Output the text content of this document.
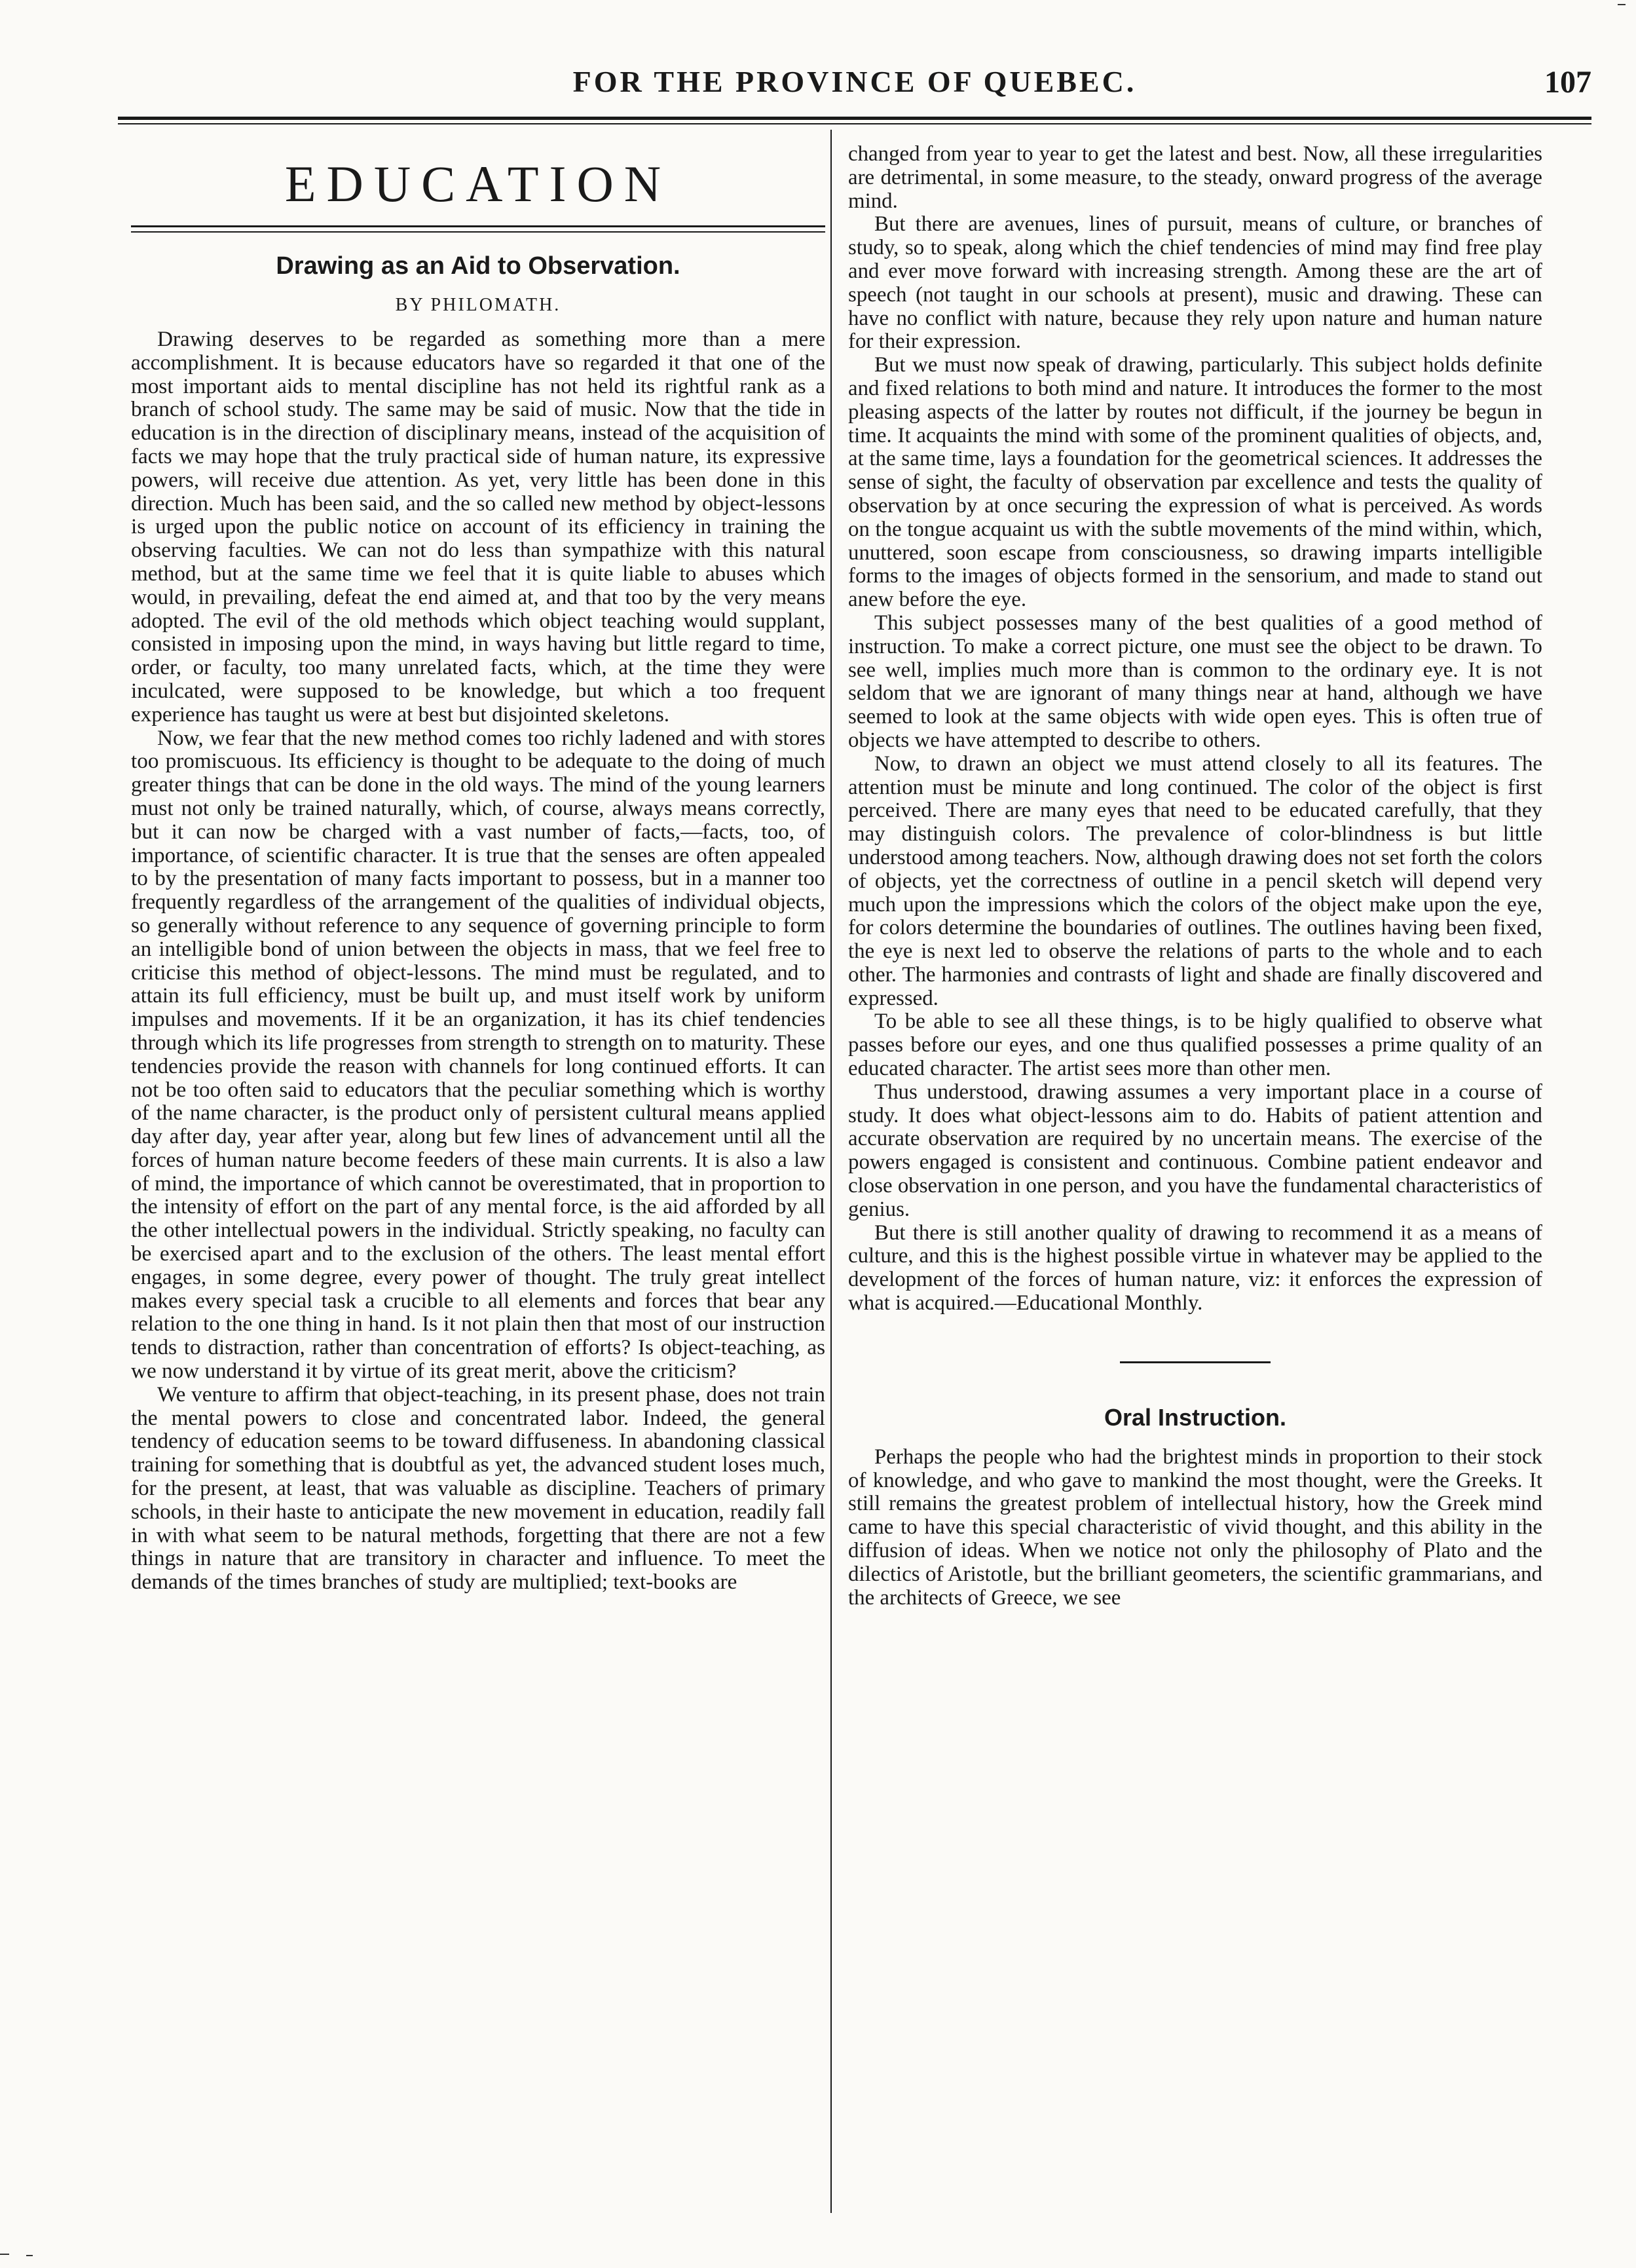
FOR THE PROVINCE OF QUEBEC.	107
EDUCATION
Drawing as an Aid to Observation.
BY PHILOMATH.

Drawing deserves to be regarded as something more than a mere accomplishment. It is because educators have so regarded it that one of the most important aids to mental discipline has not held its rightful rank as a branch of school study. The same may be said of music. Now that the tide in education is in the direction of disciplinary means, instead of the acquisition of facts we may hope that the truly practical side of human nature, its expressive powers, will receive due attention. As yet, very little has been done in this direction. Much has been said, and the so called new method by object-lessons is urged upon the public notice on account of its efficiency in training the observing faculties. We can not do less than sympathize with this natural method, but at the same time we feel that it is quite liable to abuses which would, in prevailing, defeat the end aimed at, and that too by the very means adopted. The evil of the old methods which object teaching would supplant, consisted in imposing upon the mind, in ways having but little regard to time, order, or faculty, too many unrelated facts, which, at the time they were inculcated, were supposed to be knowledge, but which a too frequent experience has taught us were at best but disjointed skeletons.

Now, we fear that the new method comes too richly ladened and with stores too promiscuous. Its efficiency is thought to be adequate to the doing of much greater things that can be done in the old ways. The mind of the young learners must not only be trained naturally, which, of course, always means correctly, but it can now be charged with a vast number of facts,—facts, too, of importance, of scientific character. It is true that the senses are often appealed to by the presentation of many facts important to possess, but in a manner too frequently regardless of the arrangement of the qualities of individual objects, so generally without reference to any sequence of governing principle to form an intelligible bond of union between the objects in mass, that we feel free to criticise this method of object-lessons. The mind must be regulated, and to attain its full efficiency, must be built up, and must itself work by uniform impulses and movements. If it be an organization, it has its chief tendencies through which its life progresses from strength to strength on to maturity. These tendencies provide the reason with channels for long continued efforts. It can not be too often said to educators that the peculiar something which is worthy of the name character, is the product only of persistent cultural means applied day after day, year after year, along but few lines of advancement until all the forces of human nature become feeders of these main currents. It is also a law of mind, the importance of which cannot be overestimated, that in proportion to the intensity of effort on the part of any mental force, is the aid afforded by all the other intellectual powers in the individual. Strictly speaking, no faculty can be exercised apart and to the exclusion of the others. The least mental effort engages, in some degree, every power of thought. The truly great intellect makes every special task a crucible to all elements and forces that bear any relation to the one thing in hand. Is it not plain then that most of our instruction tends to distraction, rather than concentration of efforts? Is object-teaching, as we now understand it by virtue of its great merit, above the criticism?

We venture to affirm that object-teaching, in its present phase, does not train the mental powers to close and concentrated labor. Indeed, the general tendency of education seems to be toward diffuseness. In abandoning classical training for something that is doubtful as yet, the advanced student loses much, for the present, at least, that was valuable as discipline. Teachers of primary schools, in their haste to anticipate the new movement in education, readily fall in with what seem to be natural methods, forgetting that there are not a few things in nature that are transitory in character and influence. To meet the demands of the times branches of study are multiplied; text-books are

changed from year to year to get the latest and best. Now, all these irregularities are detrimental, in some measure, to the steady, onward progress of the average mind.

But there are avenues, lines of pursuit, means of culture, or branches of study, so to speak, along which the chief tendencies of mind may find free play and ever move forward with increasing strength. Among these are the art of speech (not taught in our schools at present), music and drawing. These can have no conflict with nature, because they rely upon nature and human nature for their expression.

But we must now speak of drawing, particularly. This subject holds definite and fixed relations to both mind and nature. It introduces the former to the most pleasing aspects of the latter by routes not difficult, if the journey be begun in time. It acquaints the mind with some of the prominent qualities of objects, and, at the same time, lays a foundation for the geometrical sciences. It addresses the sense of sight, the faculty of observation par excellence and tests the quality of observation by at once securing the expression of what is perceived. As words on the tongue acquaint us with the subtle movements of the mind within, which, unuttered, soon escape from consciousness, so drawing imparts intelligible forms to the images of objects formed in the sensorium, and made to stand out anew before the eye.

This subject possesses many of the best qualities of a good method of instruction. To make a correct picture, one must see the object to be drawn. To see well, implies much more than is common to the ordinary eye. It is not seldom that we are ignorant of many things near at hand, although we have seemed to look at the same objects with wide open eyes. This is often true of objects we have attempted to describe to others.

Now, to drawn an object we must attend closely to all its features. The attention must be minute and long continued. The color of the object is first perceived. There are many eyes that need to be educated carefully, that they may distinguish colors. The prevalence of color-blindness is but little understood among teachers. Now, although drawing does not set forth the colors of objects, yet the correctness of outline in a pencil sketch will depend very much upon the impressions which the colors of the object make upon the eye, for colors determine the boundaries of outlines. The outlines having been fixed, the eye is next led to observe the relations of parts to the whole and to each other. The harmonies and contrasts of light and shade are finally discovered and expressed.

To be able to see all these things, is to be higly qualified to observe what passes before our eyes, and one thus qualified possesses a prime quality of an educated character. The artist sees more than other men.

Thus understood, drawing assumes a very important place in a course of study. It does what object-lessons aim to do. Habits of patient attention and accurate observation are required by no uncertain means. The exercise of the powers engaged is consistent and continuous. Combine patient endeavor and close observation in one person, and you have the fundamental characteristics of genius.

But there is still another quality of drawing to recommend it as a means of culture, and this is the highest possible virtue in whatever may be applied to the development of the forces of human nature, viz: it enforces the expression of what is acquired.—Educational Monthly.

Oral Instruction.

Perhaps the people who had the brightest minds in proportion to their stock of knowledge, and who gave to mankind the most thought, were the Greeks. It still remains the greatest problem of intellectual history, how the Greek mind came to have this special characteristic of vivid thought, and this ability in the diffusion of ideas. When we notice not only the philosophy of Plato and the dilectics of Aristotle, but the brilliant geometers, the scientific grammarians, and the architects of Greece, we see
